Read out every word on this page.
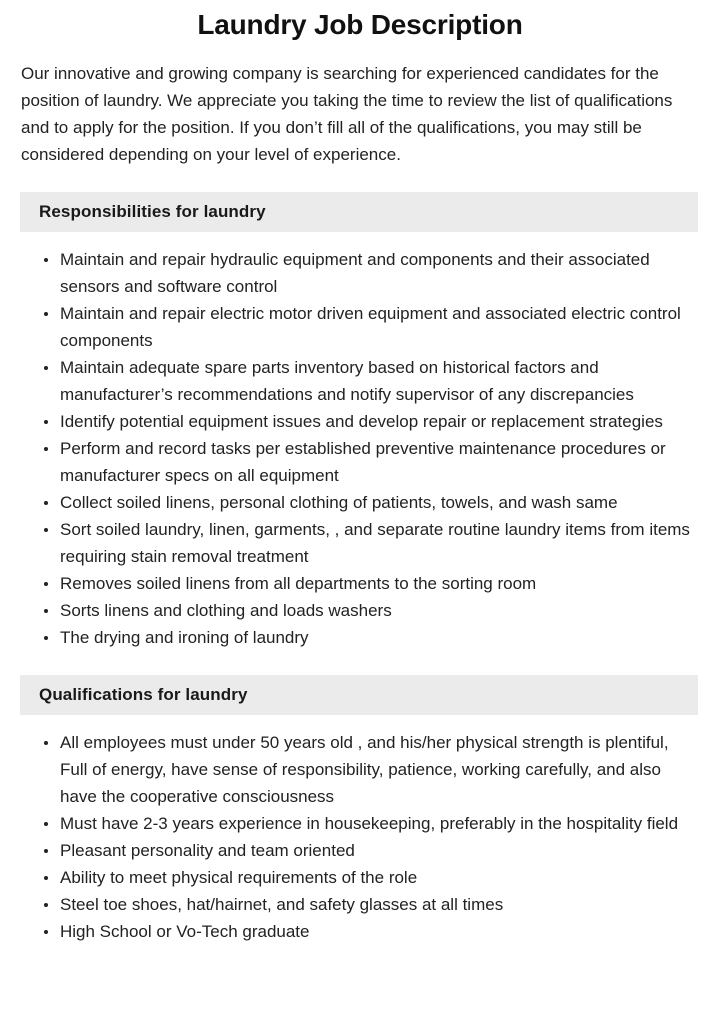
Laundry Job Description

Our innovative and growing company is searching for experienced candidates for the position of laundry. We appreciate you taking the time to review the list of qualifications and to apply for the position. If you don’t fill all of the qualifications, you may still be considered depending on your level of experience.

Responsibilities for laundry
Maintain and repair hydraulic equipment and components and their associated sensors and software control
Maintain and repair electric motor driven equipment and associated electric control components
Maintain adequate spare parts inventory based on historical factors and manufacturer’s recommendations and notify supervisor of any discrepancies
Identify potential equipment issues and develop repair or replacement strategies
Perform and record tasks per established preventive maintenance procedures or manufacturer specs on all equipment
Collect soiled linens, personal clothing of patients, towels, and wash same
Sort soiled laundry, linen, garments, , and separate routine laundry items from items requiring stain removal treatment
Removes soiled linens from all departments to the sorting room
Sorts linens and clothing and loads washers
The drying and ironing of laundry
Qualifications for laundry
All employees must under 50 years old , and his/her physical strength is plentiful, Full of energy, have sense of responsibility, patience, working carefully, and also have the cooperative consciousness
Must have 2-3 years experience in housekeeping, preferably in the hospitality field
Pleasant personality and team oriented
Ability to meet physical requirements of the role
Steel toe shoes, hat/hairnet, and safety glasses at all times
High School or Vo-Tech graduate
